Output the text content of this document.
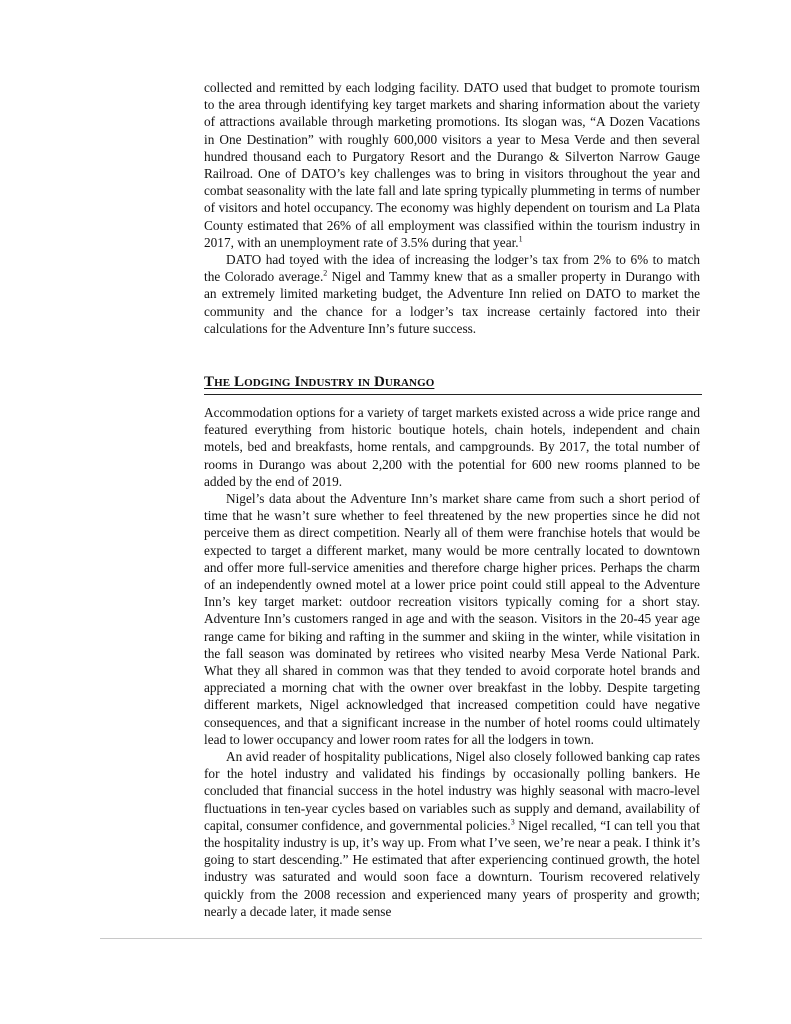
collected and remitted by each lodging facility. DATO used that budget to promote tourism to the area through identifying key target markets and sharing information about the variety of attractions available through marketing promotions. Its slogan was, “A Dozen Vacations in One Destination” with roughly 600,000 visitors a year to Mesa Verde and then several hundred thousand each to Purgatory Resort and the Durango & Silverton Narrow Gauge Railroad. One of DATO’s key challenges was to bring in visitors throughout the year and combat seasonality with the late fall and late spring typically plummeting in terms of number of visitors and hotel occupancy. The economy was highly dependent on tourism and La Plata County estimated that 26% of all employment was classified within the tourism industry in 2017, with an unemployment rate of 3.5% during that year.$^1$

DATO had toyed with the idea of increasing the lodger’s tax from 2% to 6% to match the Colorado average.$^2$ Nigel and Tammy knew that as a smaller property in Durango with an extremely limited marketing budget, the Adventure Inn relied on DATO to market the community and the chance for a lodger’s tax increase certainly factored into their calculations for the Adventure Inn’s future success.

The Lodging Industry in Durango

Accommodation options for a variety of target markets existed across a wide price range and featured everything from historic boutique hotels, chain hotels, independent and chain motels, bed and breakfasts, home rentals, and campgrounds. By 2017, the total number of rooms in Durango was about 2,200 with the potential for 600 new rooms planned to be added by the end of 2019.

Nigel’s data about the Adventure Inn’s market share came from such a short period of time that he wasn’t sure whether to feel threatened by the new properties since he did not perceive them as direct competition. Nearly all of them were franchise hotels that would be expected to target a different market, many would be more centrally located to downtown and offer more full-service amenities and therefore charge higher prices. Perhaps the charm of an independently owned motel at a lower price point could still appeal to the Adventure Inn’s key target market: outdoor recreation visitors typically coming for a short stay. Adventure Inn’s customers ranged in age and with the season. Visitors in the 20-45 year age range came for biking and rafting in the summer and skiing in the winter, while visitation in the fall season was dominated by retirees who visited nearby Mesa Verde National Park. What they all shared in common was that they tended to avoid corporate hotel brands and appreciated a morning chat with the owner over breakfast in the lobby. Despite targeting different markets, Nigel acknowledged that increased competition could have negative consequences, and that a significant increase in the number of hotel rooms could ultimately lead to lower occupancy and lower room rates for all the lodgers in town.

An avid reader of hospitality publications, Nigel also closely followed banking cap rates for the hotel industry and validated his findings by occasionally polling bankers. He concluded that financial success in the hotel industry was highly seasonal with macro-level fluctuations in ten-year cycles based on variables such as supply and demand, availability of capital, consumer confidence, and governmental policies.$^3$ Nigel recalled, “I can tell you that the hospitality industry is up, it’s way up. From what I’ve seen, we’re near a peak. I think it’s going to start descending.” He estimated that after experiencing continued growth, the hotel industry was saturated and would soon face a downturn. Tourism recovered relatively quickly from the 2008 recession and experienced many years of prosperity and growth; nearly a decade later, it made sense
